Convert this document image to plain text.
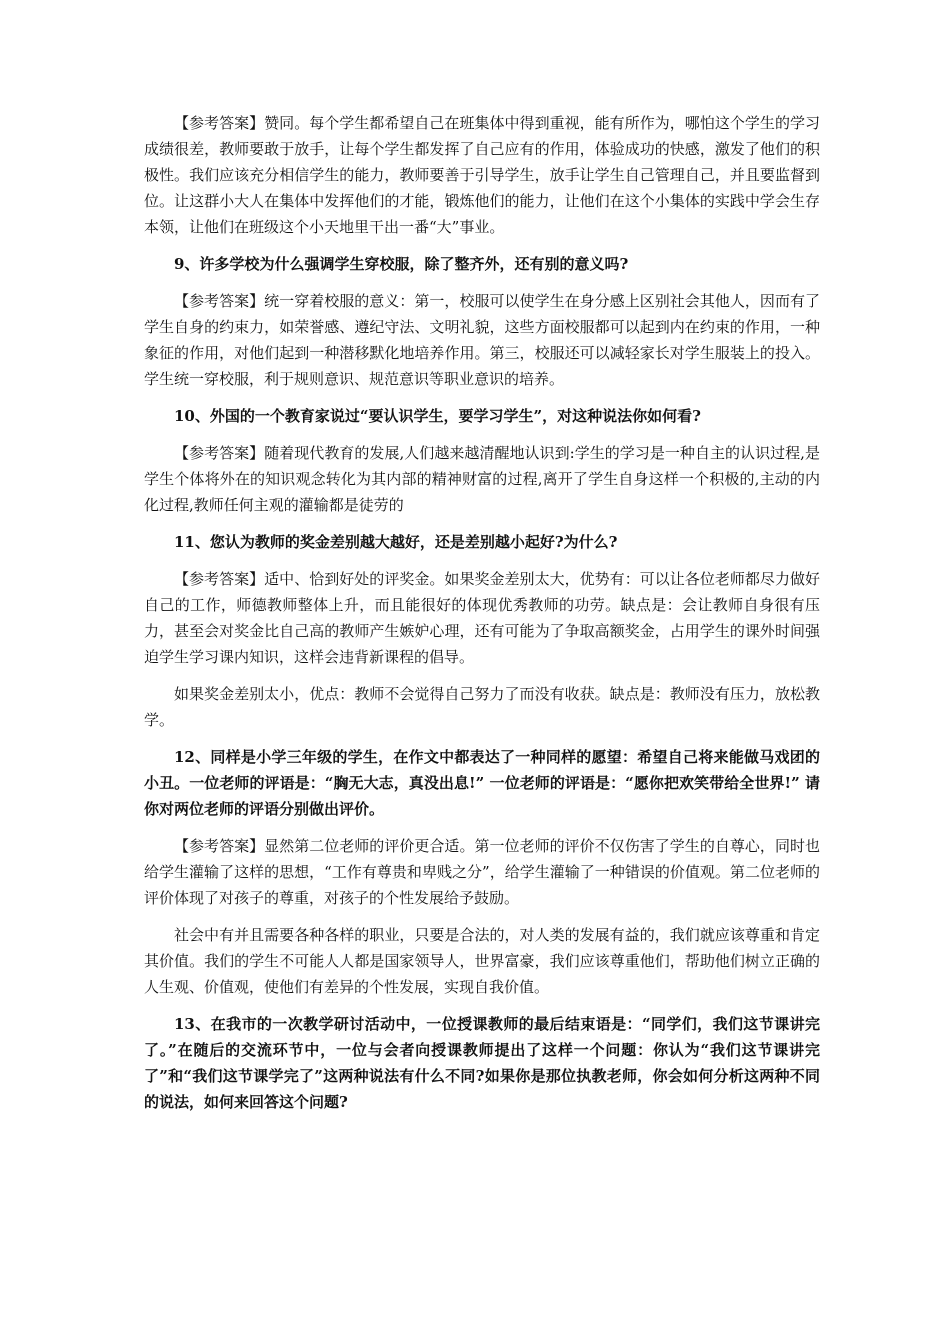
【参考答案】赞同。每个学生都希望自己在班集体中得到重视，能有所作为，哪怕这个学生的学习成绩很差，教师要敢于放手，让每个学生都发挥了自己应有的作用，体验成功的快感，激发了他们的积极性。我们应该充分相信学生的能力，教师要善于引导学生，放手让学生自己管理自己，并且要监督到位。让这群小大人在集体中发挥他们的才能，锻炼他们的能力，让他们在这个小集体的实践中学会生存本领，让他们在班级这个小天地里干出一番“大”事业。

9、许多学校为什么强调学生穿校服，除了整齐外，还有别的意义吗?

【参考答案】统一穿着校服的意义：第一，校服可以使学生在身分感上区别社会其他人，因而有了学生自身的约束力，如荣誉感、遵纪守法、文明礼貌，这些方面校服都可以起到内在约束的作用，一种象征的作用，对他们起到一种潜移默化地培养作用。第三，校服还可以减轻家长对学生服装上的投入。学生统一穿校服，利于规则意识、规范意识等职业意识的培养。

10、外国的一个教育家说过“要认识学生，要学习学生”，对这种说法你如何看?

【参考答案】随着现代教育的发展,人们越来越清醒地认识到:学生的学习是一种自主的认识过程,是学生个体将外在的知识观念转化为其内部的精神财富的过程,离开了学生自身这样一个积极的,主动的内化过程,教师任何主观的灌输都是徒劳的

11、您认为教师的奖金差别越大越好，还是差别越小起好?为什么?

【参考答案】适中、恰到好处的评奖金。如果奖金差别太大，优势有：可以让各位老师都尽力做好自己的工作，师德教师整体上升，而且能很好的体现优秀教师的功劳。缺点是：会让教师自身很有压力，甚至会对奖金比自己高的教师产生嫉妒心理，还有可能为了争取高额奖金，占用学生的课外时间强迫学生学习课内知识，这样会违背新课程的倡导。

如果奖金差别太小，优点：教师不会觉得自己努力了而没有收获。缺点是：教师没有压力，放松教学。

12、同样是小学三年级的学生，在作文中都表达了一种同样的愿望：希望自己将来能做马戏团的小丑。一位老师的评语是：“胸无大志，真没出息!” 一位老师的评语是：“愿你把欢笑带给全世界!” 请你对两位老师的评语分别做出评价。

【参考答案】显然第二位老师的评价更合适。第一位老师的评价不仅伤害了学生的自尊心，同时也给学生灌输了这样的思想，“工作有尊贵和卑贱之分”，给学生灌输了一种错误的价值观。第二位老师的评价体现了对孩子的尊重，对孩子的个性发展给予鼓励。

社会中有并且需要各种各样的职业，只要是合法的，对人类的发展有益的，我们就应该尊重和肯定其价值。我们的学生不可能人人都是国家领导人，世界富豪，我们应该尊重他们，帮助他们树立正确的人生观、价值观，使他们有差异的个性发展，实现自我价值。

13、在我市的一次教学研讨活动中，一位授课教师的最后结束语是：“同学们，我们这节课讲完了。”在随后的交流环节中，一位与会者向授课教师提出了这样一个问题：你认为“我们这节课讲完了”和“我们这节课学完了”这两种说法有什么不同?如果你是那位执教老师，你会如何分析这两种不同的说法，如何来回答这个问题?
